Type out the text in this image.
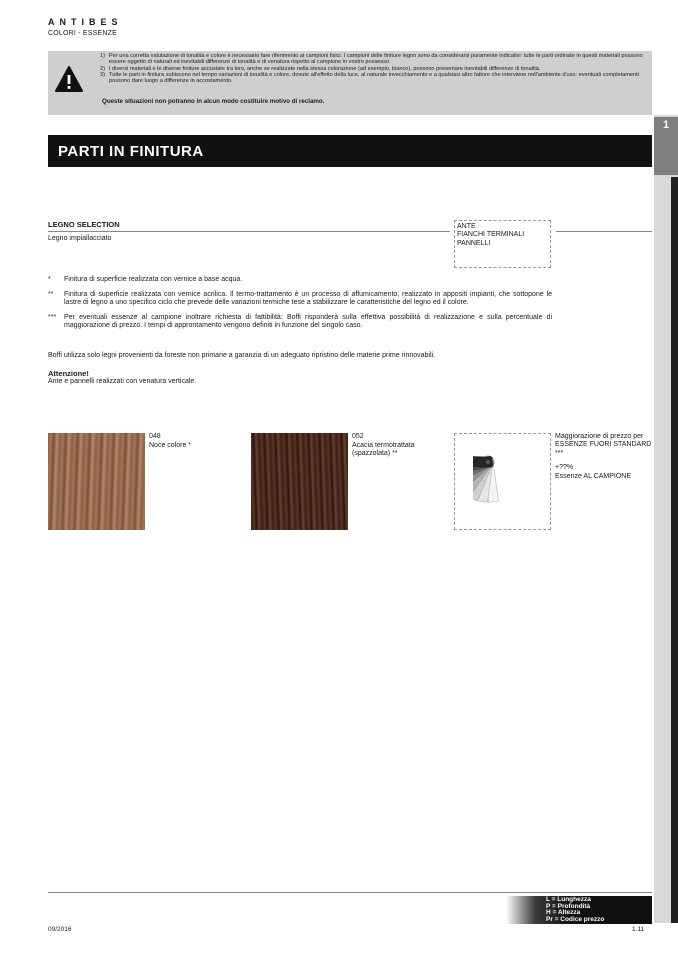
ANTIBES
COLORI - ESSENZE
1) Per una corretta valutazione di tonalità e colore è necessario fare riferimento ai campioni fisici. I campioni delle finiture legno sono da considerarsi puramente indicativi: tutte le parti ordinate in questi materiali possono essere oggetto di naturali ed inevitabili differenze di tonalità e di venatura rispetto al campione in vostro possesso.
2) I diversi materiali e le diverse finiture accostate tra loro, anche se realizzate nella stessa colorazione (ad esempio, bianco), possono presentare inevitabili differenze di tonalità.
3) Tutte le parti in finitura subiscono nel tempo variazioni di tonalità e colore, dovute all'effetto della luce, al naturale invecchiamento e a qualsiasi altro fattore che interviene nell'ambiente d'uso: eventuali completamenti possono dare luogo a differenze in accostamento.
Queste situazioni non potranno in alcun modo costituire motivo di reclamo.
1
PARTI IN FINITURA
LEGNO SELECTION
Legno impiallacciato
ANTE
FIANCHI TERMINALI
PANNELLI
*	Finitura di superficie realizzata con vernice a base acqua.
**	Finitura di superficie realizzata con vernice acrilica. Il termo-trattamento è un processo di affumicamento, realizzato in appositi impianti, che sottopone le lastre di legno a uno specifico ciclo che prevede delle variazioni termiche tese a stabilizzare le caratteristiche del legno ed il colore.
***	Per eventuali essenze al campione inoltrare richiesta di fattibilità: Boffi risponderà sulla effettiva possibilità di realizzazione e sulla percentuale di maggiorazione di prezzo. I tempi di approntamento vengono definiti in funzione del singolo caso.
Boffi utilizza solo legni provenienti da foreste non primarie a garanzia di un adeguato ripristino delle materie prime rinnovabili.
Attenzione!
Ante e pannelli realizzati con venatura verticale.
048
Noce colore *
052
Acacia termotrattata (spazzolata) **
Maggiorazione di prezzo per ESSENZE FUORI STANDARD ***
+??%
Essenze AL CAMPIONE
L = Lunghezza
P = Profondità
H = Altezza
Pr = Codice prezzo
09/2016	1.11
